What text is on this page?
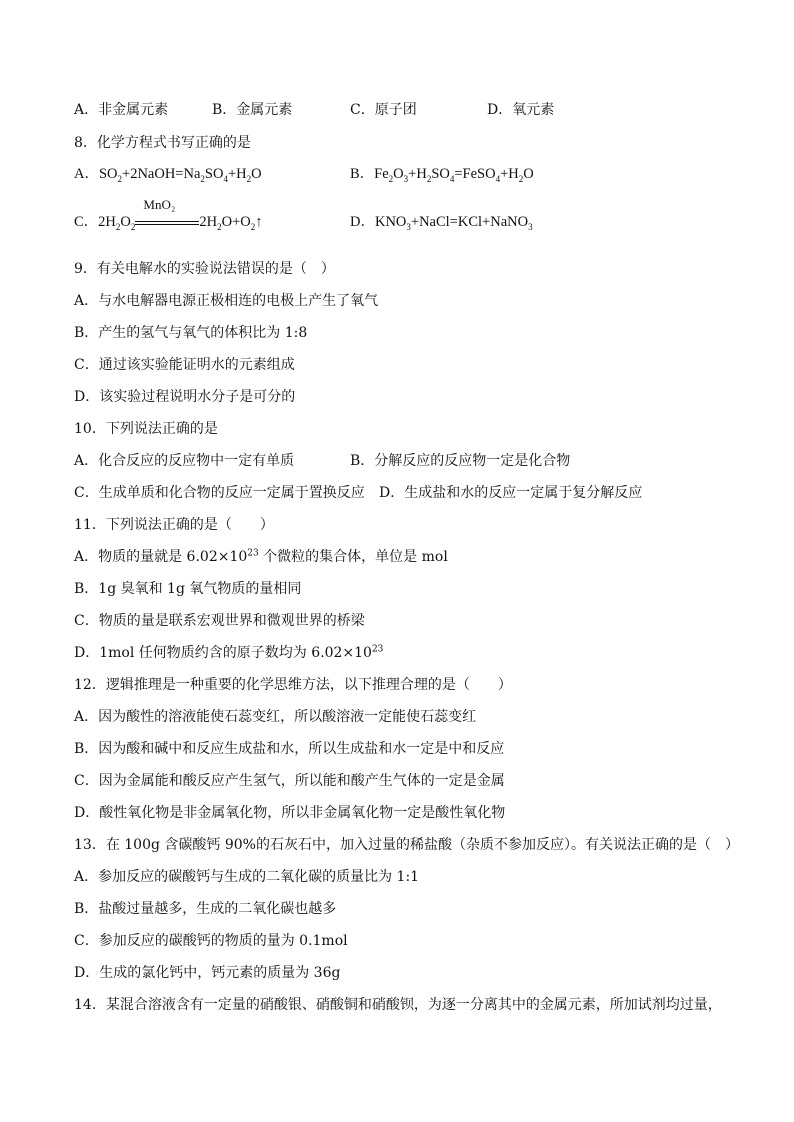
A．非金属元素	B．金属元素	C．原子团	D．氧元素
8．化学方程式书写正确的是
A．$SO_2+2NaOH=Na_2SO_4+H_2O$	B．$Fe_2O_3+H_2SO_4=FeSO_4+H_2O$
C．$2H_2O_2$
MnO₂
$2H_2O+O_2↑$	D．$KNO_3+NaCl=KCl+NaNO_3$
9．有关电解水的实验说法错误的是（　）
A．与水电解器电源正极相连的电极上产生了氧气
B．产生的氢气与氧气的体积比为 1:8
C．通过该实验能证明水的元素组成
D．该实验过程说明水分子是可分的
10．下列说法正确的是
A．化合反应的反应物中一定有单质	B．分解反应的反应物一定是化合物
C．生成单质和化合物的反应一定属于置换反应 D．生成盐和水的反应一定属于复分解反应
11．下列说法正确的是（　　）
A．物质的量就是 $6.02\times 10^{23}$ 个微粒的集合体，单位是 mol
B．1g 臭氧和 1g 氧气物质的量相同
C．物质的量是联系宏观世界和微观世界的桥梁
D．1mol 任何物质约含的原子数均为 $6.02\times 10^{23}$
12．逻辑推理是一种重要的化学思维方法，以下推理合理的是（　　）
A．因为酸性的溶液能使石蕊变红，所以酸溶液一定能使石蕊变红
B．因为酸和碱中和反应生成盐和水，所以生成盐和水一定是中和反应
C．因为金属能和酸反应产生氢气，所以能和酸产生气体的一定是金属
D．酸性氧化物是非金属氧化物，所以非金属氧化物一定是酸性氧化物
13．在 100g 含碳酸钙 90%的石灰石中，加入过量的稀盐酸（杂质不参加反应）。有关说法正确的是（　）
A．参加反应的碳酸钙与生成的二氧化碳的质量比为 1:1
B．盐酸过量越多，生成的二氧化碳也越多
C．参加反应的碳酸钙的物质的量为 0.1mol
D．生成的氯化钙中，钙元素的质量为 36g
14．某混合溶液含有一定量的硝酸银、硝酸铜和硝酸钡，为逐一分离其中的金属元素，所加试剂均过量，
